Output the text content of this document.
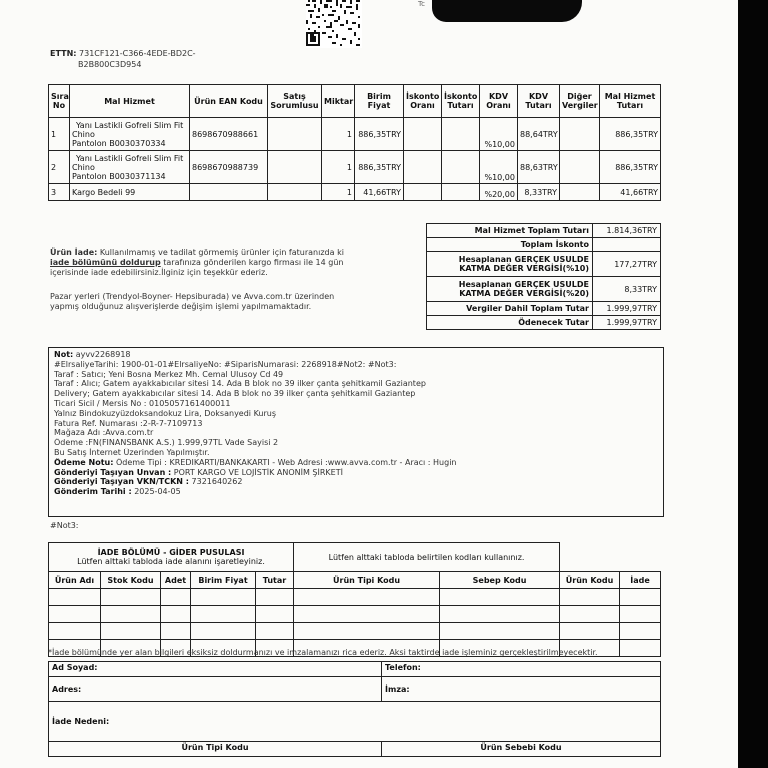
Tc
ETTN: 731CF121-C366-4EDE-BD2C-
B2B800C3D954
Sıra No	Mal Hizmet	Ürün EAN Kodu	Satış Sorumlusu	Miktar	Birim Fiyat	İskonto Oranı	İskonto Tutarı	KDV Oranı	KDV Tutarı	Diğer Vergiler	Mal Hizmet Tutarı
1	Yanı Lastikli Gofreli Slim Fit
Chino
Pantolon B0030370334	8698670988661		1	886,35TRY			%10,00	88,64TRY		886,35TRY
2	Yanı Lastikli Gofreli Slim Fit
Chino
Pantolon B0030371134	8698670988739		1	886,35TRY			%10,00	88,63TRY		886,35TRY
3	Kargo Bedeli 99			1	41,66TRY			%20,00	8,33TRY		41,66TRY
Mal Hizmet Toplam Tutarı	1.814,36TRY
Toplam İskonto	
Hesaplanan GERÇEK USULDE
KATMA DEĞER VERGİSİ(%10)	177,27TRY
Hesaplanan GERÇEK USULDE
KATMA DEĞER VERGİSİ(%20)	8,33TRY
Vergiler Dahil Toplam Tutar	1.999,97TRY
Ödenecek Tutar	1.999,97TRY
Ürün İade: Kullanılmamış ve tadilat görmemiş ürünler için faturanızda ki iade bölümünü doldurup tarafınıza gönderilen kargo firması ile 14 gün içerisinde iade edebilirsiniz.İlginiz için teşekkür ederiz.
Pazar yerleri (Trendyol-Boyner- Hepsiburada) ve Avva.com.tr üzerinden yapmış olduğunuz alışverişlerde değişim işlemi yapılmamaktadır.
Not: ayvv2268918
#ElrsaliyeTarihi: 1900-01-01#ElrsaliyeNo: #SiparisNumarasi: 2268918#Not2: #Not3:
Taraf : Satıcı; Yeni Bosna Merkez Mh. Cemal Ulusoy Cd 49
Taraf : Alıcı; Gatem ayakkabıcılar sitesi 14. Ada B blok no 39 ilker çanta şehitkamil Gaziantep
Delivery; Gatem ayakkabıcılar sitesi 14. Ada B blok no 39 ilker çanta şehitkamil Gaziantep
Ticari Sicil / Mersis No : 0105057161400011
Yalnız Bindokuzyüzdoksandokuz Lira, Doksanyedi Kuruş
Fatura Ref. Numarası :2-R-7-7109713
Mağaza Adı :Avva.com.tr
Ödeme :FN(FINANSBANK A.S.) 1.999,97TL Vade Sayisi 2
Bu Satış İnternet Üzerinden Yapılmıştır.
Ödeme Notu: Ödeme Tipi : KREDIKARTI/BANKAKARTI - Web Adresi :www.avva.com.tr - Aracı : Hugin
Gönderiyi Taşıyan Unvan : PORT KARGO VE LOJİSTİK ANONİM ŞİRKETİ
Gönderiyi Taşıyan VKN/TCKN : 7321640262
Gönderim Tarihi : 2025-04-05
#Not3:
İADE BÖLÜMÜ - GİDER PUSULASI
Lütfen alttaki tabloda iade alanını işaretleyiniz.					Lütfen alttaki tabloda belirtilen kodları kullanınız.			
Ürün Adı	Stok Kodu	Adet	Birim Fiyat	Tutar	Ürün Tipi Kodu	Sebep Kodu	Ürün Kodu	İade

*İade bölümünde yer alan bilgileri eksiksiz doldurmanızı ve imzalamanızı rica ederiz. Aksi taktirde iade işleminiz gerçekleştirilmeyecektir.
Ad Soyad:	Telefon:
Adres:	İmza:
İade Nedeni:	
Ürün Tipi Kodu	Ürün Sebebi Kodu
